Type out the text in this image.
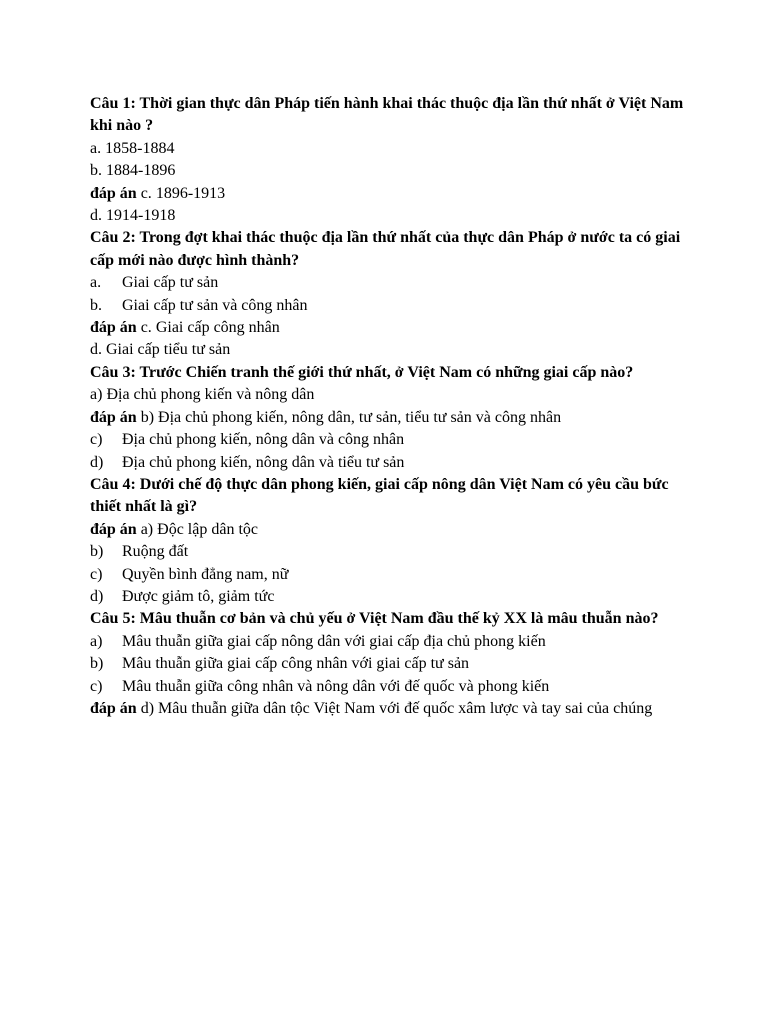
Câu 1: Thời gian thực dân Pháp tiến hành khai thác thuộc địa lần thứ nhất ở Việt Nam khi nào ?

a. 1858-1884

b. 1884-1896

đáp án c. 1896-1913

d. 1914-1918

Câu 2: Trong đợt khai thác thuộc địa lần thứ nhất của thực dân Pháp ở nước ta có giai cấp mới nào được hình thành?

a. Giai cấp tư sản

b. Giai cấp tư sản và công nhân

đáp án c. Giai cấp công nhân

d. Giai cấp tiểu tư sản

Câu 3: Trước Chiến tranh thế giới thứ nhất, ở Việt Nam có những giai cấp nào?

a) Địa chủ phong kiến và nông dân

đáp án b) Địa chủ phong kiến, nông dân, tư sản, tiểu tư sản và công nhân

c) Địa chủ phong kiến, nông dân và công nhân

d) Địa chủ phong kiến, nông dân và tiểu tư sản

Câu 4: Dưới chế độ thực dân phong kiến, giai cấp nông dân Việt Nam có yêu cầu bức thiết nhất là gì?

đáp án a) Độc lập dân tộc

b) Ruộng đất

c) Quyền bình đẳng nam, nữ

d) Được giảm tô, giảm tức

Câu 5: Mâu thuẫn cơ bản và chủ yếu ở Việt Nam đầu thế kỷ XX là mâu thuẫn nào?

a) Mâu thuẫn giữa giai cấp nông dân với giai cấp địa chủ phong kiến

b) Mâu thuẫn giữa giai cấp công nhân với giai cấp tư sản

c) Mâu thuẫn giữa công nhân và nông dân với đế quốc và phong kiến

đáp án d) Mâu thuẫn giữa dân tộc Việt Nam với đế quốc xâm lược và tay sai của chúng
